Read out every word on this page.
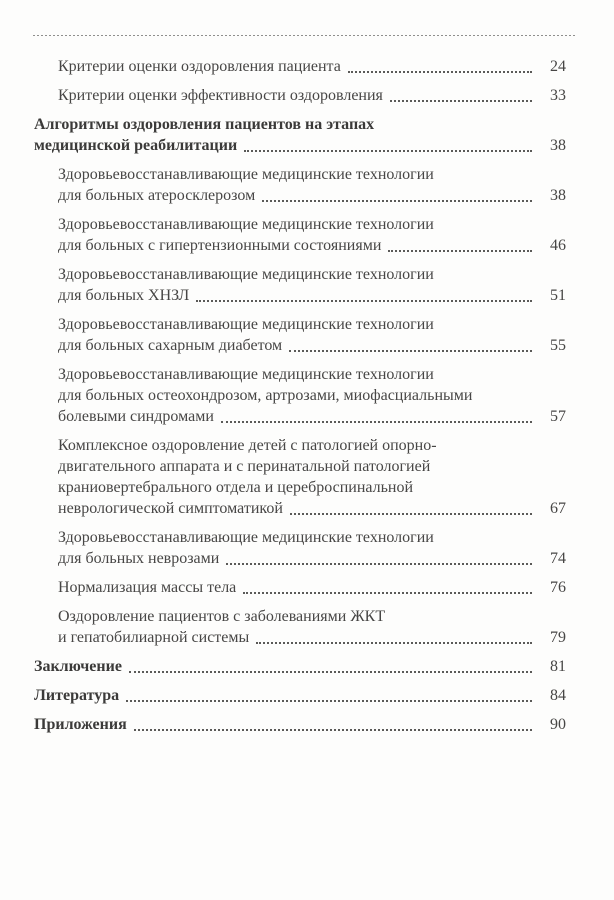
Критерии оценки оздоровления пациента	24
Критерии оценки эффективности оздоровления	33
Алгоритмы оздоровления пациентов на этапах
медицинской реабилитации	38
Здоровьевосстанавливающие медицинские технологии
для больных атеросклерозом	38
Здоровьевосстанавливающие медицинские технологии
для больных с гипертензионными состояниями	46
Здоровьевосстанавливающие медицинские технологии
для больных ХНЗЛ	51
Здоровьевосстанавливающие медицинские технологии
для больных сахарным диабетом	55
Здоровьевосстанавливающие медицинские технологии
для больных остеохондрозом, артрозами, миофасциальными
болевыми синдромами	57
Комплексное оздоровление детей с патологией опорно-
двигательного аппарата и с перинатальной патологией
краниовертебрального отдела и цереброспинальной
неврологической симптоматикой	67
Здоровьевосстанавливающие медицинские технологии
для больных неврозами	74
Нормализация массы тела	76
Оздоровление пациентов с заболеваниями ЖКТ
и гепатобилиарной системы	79
Заключение	81
Литература	84
Приложения	90
